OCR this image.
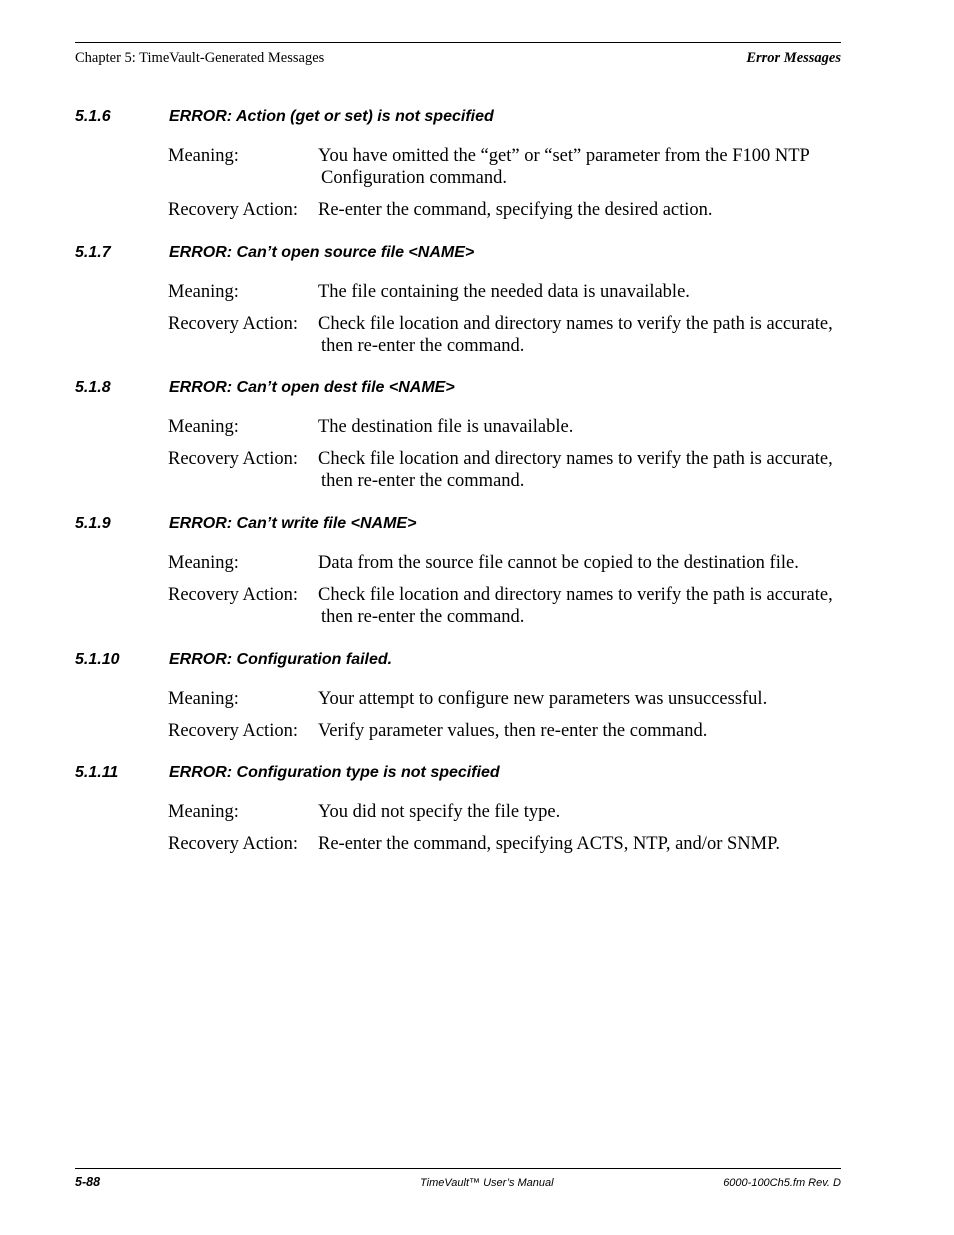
Chapter 5: TimeVault-Generated Messages	Error Messages
5.1.6	ERROR: Action (get or set) is not specified
Meaning:	You have omitted the “get” or “set” parameter from the F100 NTP
Configuration command.
Recovery Action: Re-enter the command, specifying the desired action.
5.1.7	ERROR: Can’t open source file <NAME>
Meaning:	The file containing the needed data is unavailable.
Recovery Action: Check file location and directory names to verify the path is accurate,
then re-enter the command.
5.1.8	ERROR: Can’t open dest file <NAME>
Meaning:	The destination file is unavailable.
Recovery Action: Check file location and directory names to verify the path is accurate,
then re-enter the command.
5.1.9	ERROR: Can’t write file <NAME>
Meaning:	Data from the source file cannot be copied to the destination file.
Recovery Action: Check file location and directory names to verify the path is accurate,
then re-enter the command.
5.1.10	ERROR: Configuration failed.
Meaning:	Your attempt to configure new parameters was unsuccessful.
Recovery Action: Verify parameter values, then re-enter the command.
5.1.11	ERROR: Configuration type is not specified
Meaning:	You did not specify the file type.
Recovery Action: Re-enter the command, specifying ACTS, NTP, and/or SNMP.
5-88	TimeVault™ User’s Manual	6000-100Ch5.fm Rev. D
